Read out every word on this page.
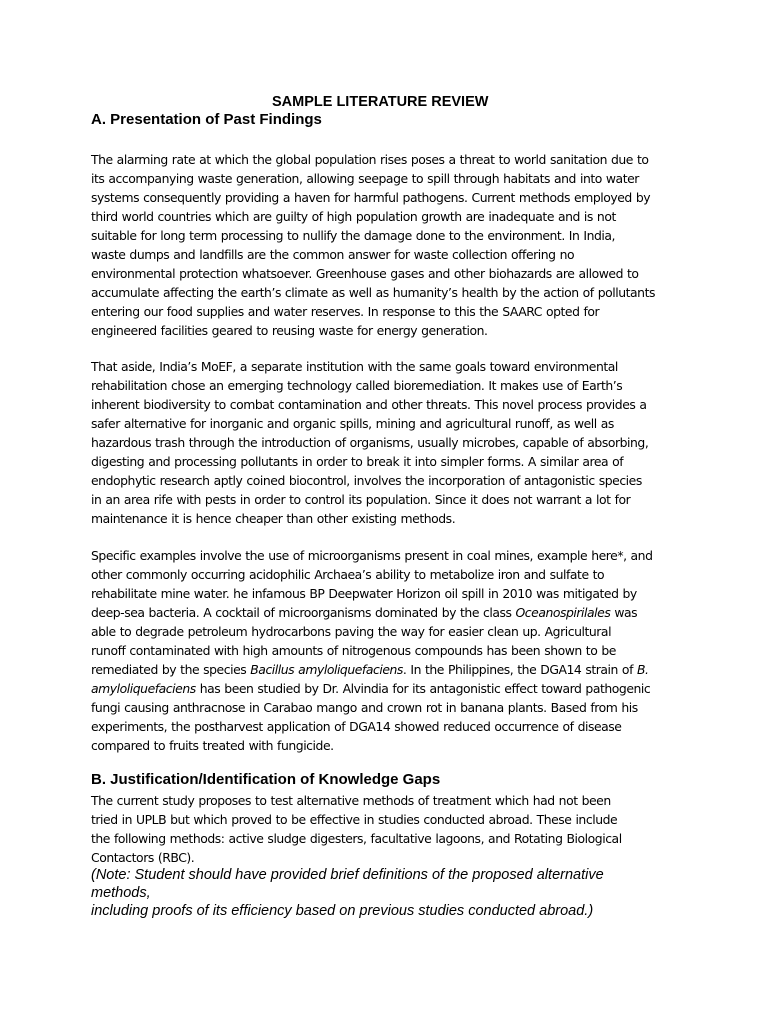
SAMPLE LITERATURE REVIEW
A. Presentation of Past Findings

The alarming rate at which the global population rises poses a threat to world sanitation due to
its accompanying waste generation, allowing seepage to spill through habitats and into water
systems consequently providing a haven for harmful pathogens. Current methods employed by
third world countries which are guilty of high population growth are inadequate and is not
suitable for long term processing to nullify the damage done to the environment. In India,
waste dumps and landfills are the common answer for waste collection offering no
environmental protection whatsoever. Greenhouse gases and other biohazards are allowed to
accumulate affecting the earth’s climate as well as humanity’s health by the action of pollutants
entering our food supplies and water reserves. In response to this the SAARC opted for
engineered facilities geared to reusing waste for energy generation.

That aside, India’s MoEF, a separate institution with the same goals toward environmental
rehabilitation chose an emerging technology called bioremediation. It makes use of Earth’s
inherent biodiversity to combat contamination and other threats. This novel process provides a
safer alternative for inorganic and organic spills, mining and agricultural runoff, as well as
hazardous trash through the introduction of organisms, usually microbes, capable of absorbing,
digesting and processing pollutants in order to break it into simpler forms. A similar area of
endophytic research aptly coined biocontrol, involves the incorporation of antagonistic species
in an area rife with pests in order to control its population. Since it does not warrant a lot for
maintenance it is hence cheaper than other existing methods.

Specific examples involve the use of microorganisms present in coal mines, example here*, and
other commonly occurring acidophilic Archaea’s ability to metabolize iron and sulfate to
rehabilitate mine water. he infamous BP Deepwater Horizon oil spill in 2010 was mitigated by
deep-sea bacteria. A cocktail of microorganisms dominated by the class Oceanospirilales was
able to degrade petroleum hydrocarbons paving the way for easier clean up. Agricultural
runoff contaminated with high amounts of nitrogenous compounds has been shown to be
remediated by the species Bacillus amyloliquefaciens. In the Philippines, the DGA14 strain of B.
amyloliquefaciens has been studied by Dr. Alvindia for its antagonistic effect toward pathogenic
fungi causing anthracnose in Carabao mango and crown rot in banana plants. Based from his
experiments, the postharvest application of DGA14 showed reduced occurrence of disease
compared to fruits treated with fungicide.

B. Justification/Identification of Knowledge Gaps

The current study proposes to test alternative methods of treatment which had not been
tried in UPLB but which proved to be effective in studies conducted abroad. These include
the following methods: active sludge digesters, facultative lagoons, and Rotating Biological
Contactors (RBC).

(Note: Student should have provided brief definitions of the proposed alternative
methods,
including proofs of its efficiency based on previous studies conducted abroad.)
